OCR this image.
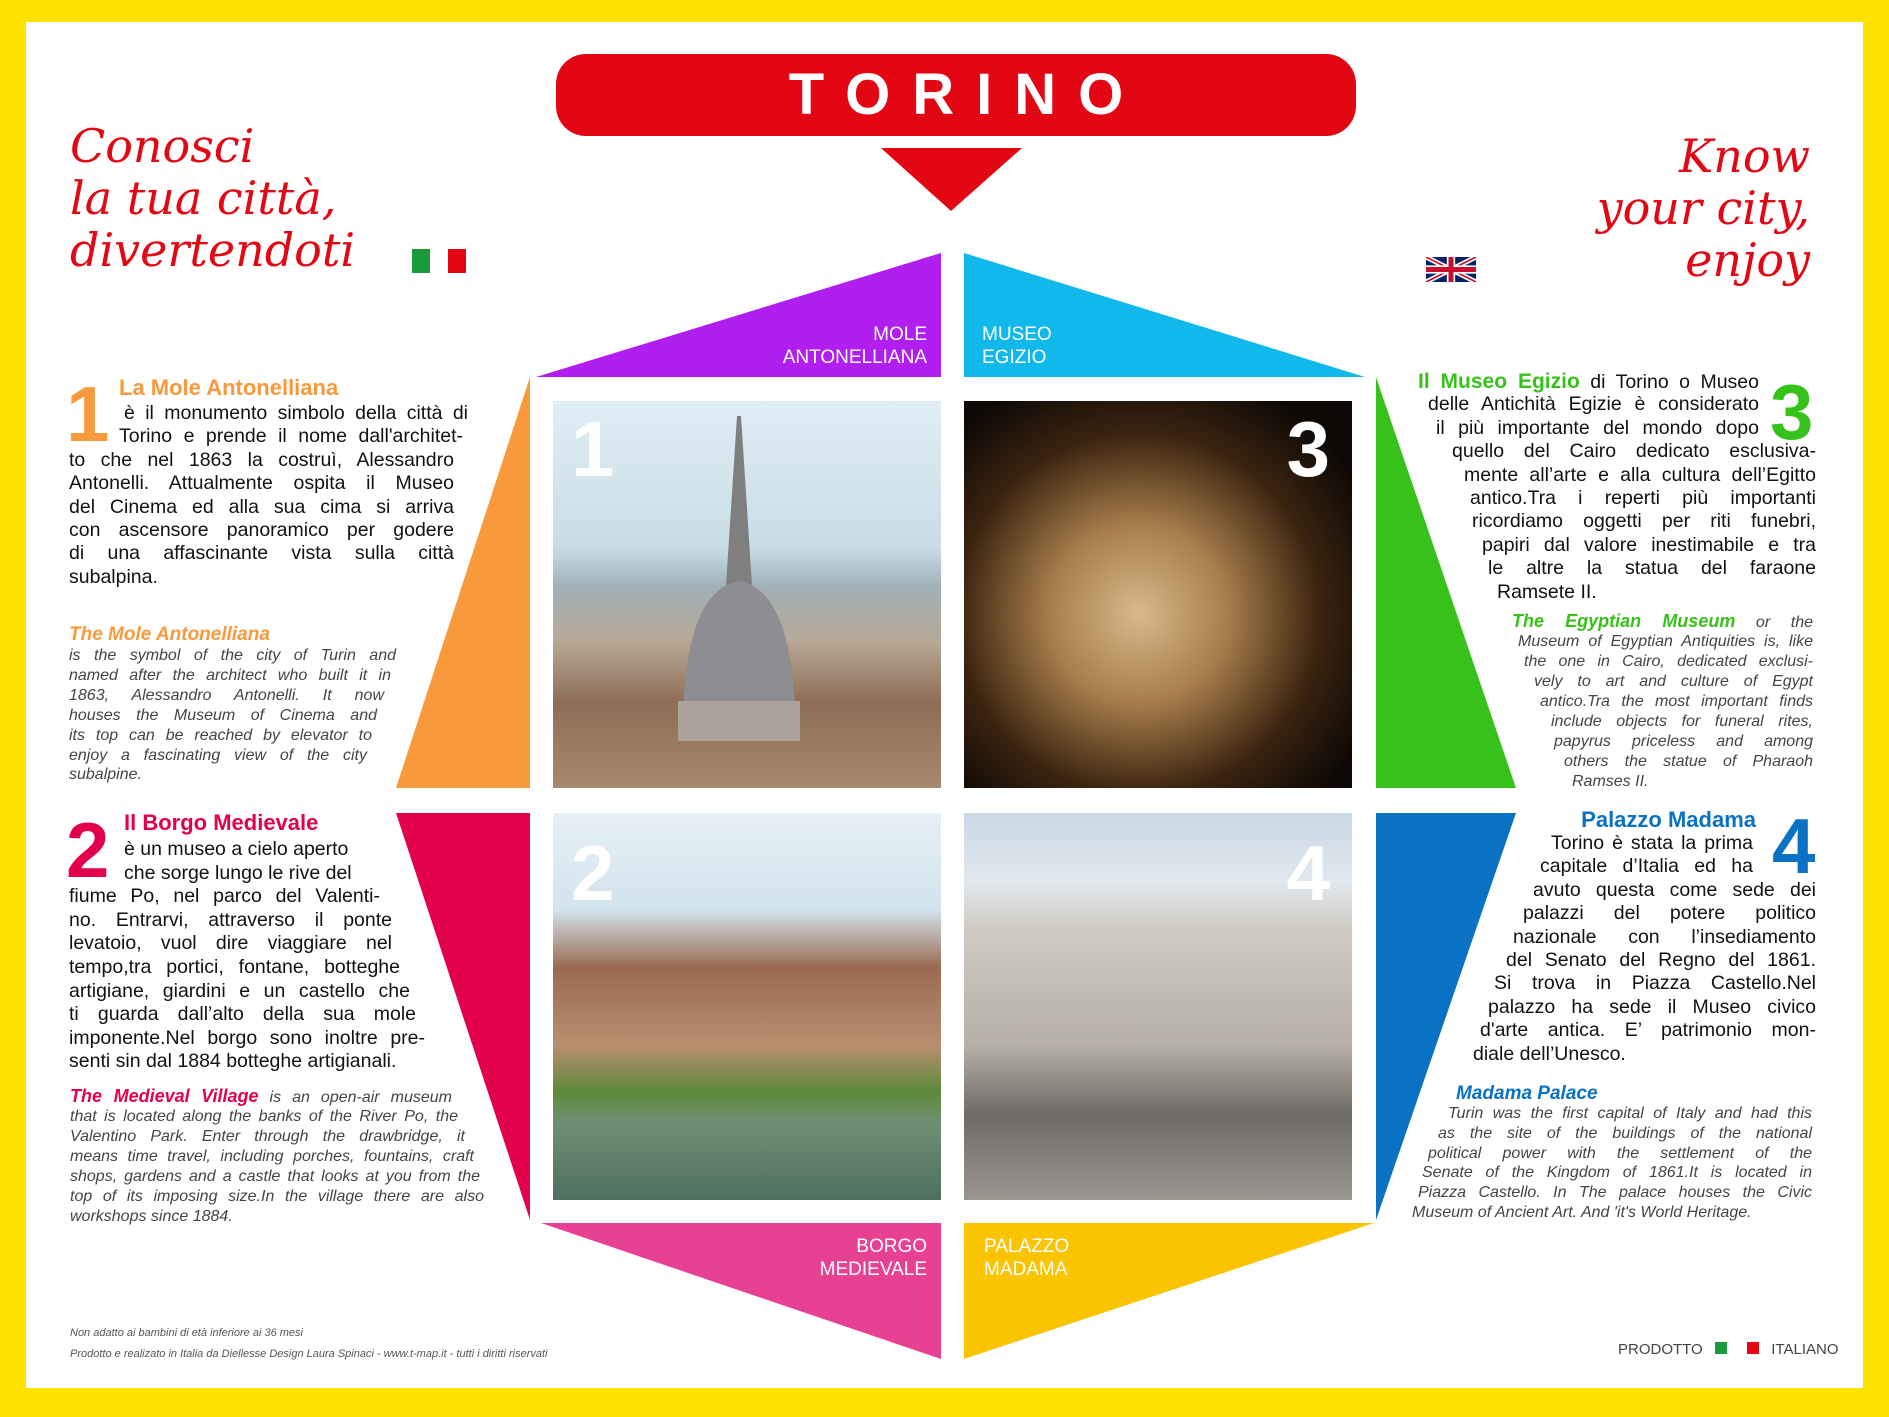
TORINO
Conosci
la tua città,
divertendoti
Know
your city,
enjoy
MOLE
ANTONELLIANA
MUSEO
EGIZIO
BORGO
MEDIEVALE
PALAZZO
MADAMA
1	3
2	4
1
2
3
4
La Mole Antonelliana
è il monumento simbolo della città di
Torino e prende il nome dall'architet-
to che nel 1863 la costruì, Alessandro
Antonelli. Attualmente ospita il Museo
del Cinema ed alla sua cima si arriva
con ascensore panoramico per godere
di una affascinante vista sulla città
subalpina.
The Mole Antonelliana
is the symbol of the city of Turin and
named after the architect who built it in
1863, Alessandro Antonelli. It now
houses the Museum of Cinema and
its top can be reached by elevator to
enjoy a fascinating view of the city
subalpine.
Il Borgo Medievale
è un museo a cielo aperto
che sorge lungo le rive del
fiume Po, nel parco del Valenti-
no. Entrarvi, attraverso il ponte
levatoio, vuol dire viaggiare nel
tempo,tra portici, fontane, botteghe
artigiane, giardini e un castello che
ti guarda dall’alto della sua mole
imponente.Nel borgo sono inoltre pre-
senti sin dal 1884 botteghe artigianali.
The Medieval Village is an open-air museum
that is located along the banks of the River Po, the
Valentino Park. Enter through the drawbridge, it
means time travel, including porches, fountains, craft
shops, gardens and a castle that looks at you from the
top of its imposing size.In the village there are also
workshops since 1884.
Il Museo Egizio di Torino o Museo
delle Antichità Egizie è considerato
il più importante del mondo dopo
quello del Cairo dedicato esclusiva-
mente all’arte e alla cultura dell’Egitto
antico.Tra i reperti più importanti
ricordiamo oggetti per riti funebri,
papiri dal valore inestimabile e tra
le altre la statua del faraone
Ramsete II.
The Egyptian Museum or the
Museum of Egyptian Antiquities is, like
the one in Cairo, dedicated exclusi-
vely to art and culture of Egypt
antico.Tra the most important finds
include objects for funeral rites,
papyrus priceless and among
others the statue of Pharaoh
Ramses II.
Palazzo Madama
Torino è stata la prima
capitale d’Italia ed ha
avuto questa come sede dei
palazzi del potere politico
nazionale con l’insediamento
del Senato del Regno del 1861.
Si trova in Piazza Castello.Nel
palazzo ha sede il Museo civico
d'arte antica. E’ patrimonio mon-
diale dell’Unesco.
Madama Palace
Turin was the first capital of Italy and had this
as the site of the buildings of the national
political power with the settlement of the
Senate of the Kingdom of 1861.It is located in
Piazza Castello. In The palace houses the Civic
Museum of Ancient Art. And 'it's World Heritage.
Non adatto ai bambini di età inferiore ai 36 mesi
Prodotto e realizato in Italia da Diellesse Design Laura Spinaci - www.t-map.it - tutti i diritti riservati	PRODOTTO	ITALIANO
